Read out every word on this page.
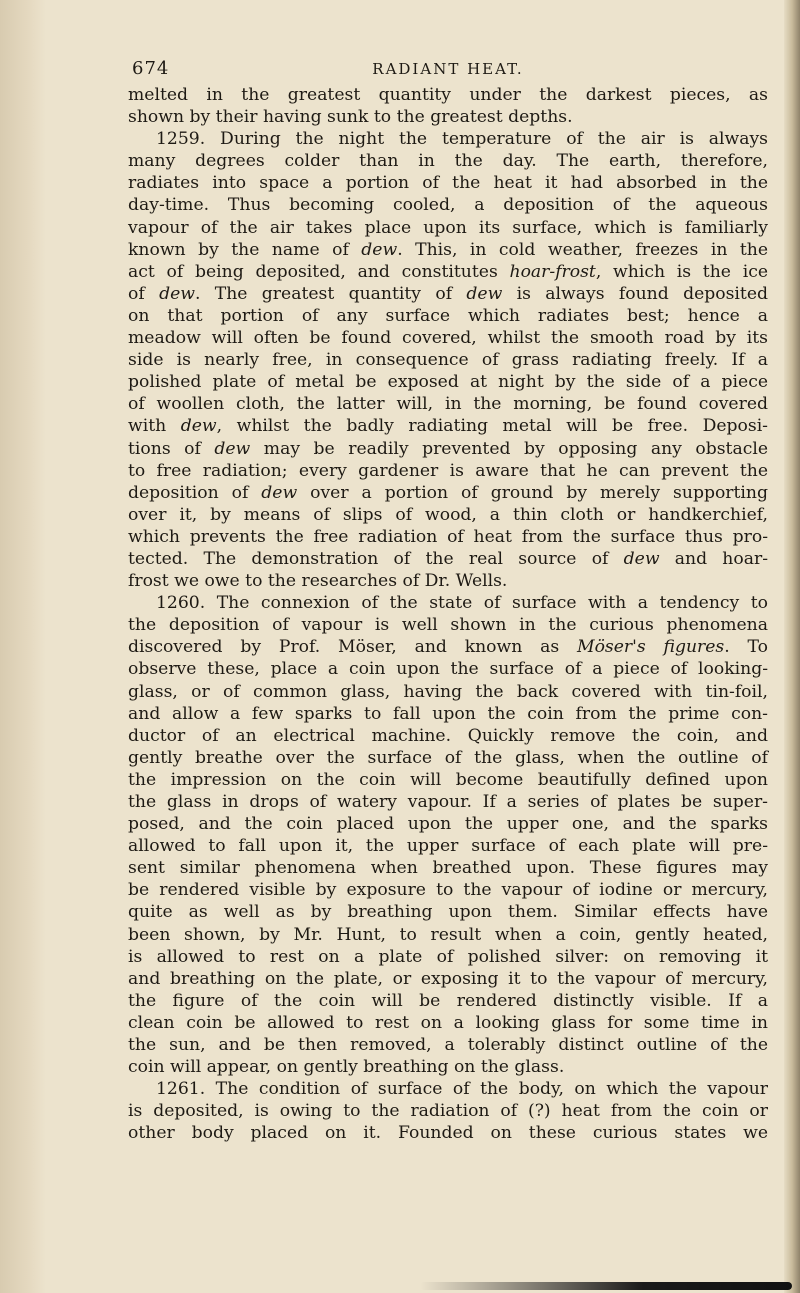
674	RADIANT HEAT.
melted in the greatest quantity under the darkest pieces, as
shown by their having sunk to the greatest depths.
1259. During the night the temperature of the air is always
many degrees colder than in the day. The earth, therefore,
radiates into space a portion of the heat it had absorbed in the
day-time. Thus becoming cooled, a deposition of the aqueous
vapour of the air takes place upon its surface, which is familiarly
known by the name of dew. This, in cold weather, freezes in the
act of being deposited, and constitutes hoar-frost, which is the ice
of dew. The greatest quantity of dew is always found deposited
on that portion of any surface which radiates best; hence a
meadow will often be found covered, whilst the smooth road by its
side is nearly free, in consequence of grass radiating freely. If a
polished plate of metal be exposed at night by the side of a piece
of woollen cloth, the latter will, in the morning, be found covered
with dew, whilst the badly radiating metal will be free. Deposi-
tions of dew may be readily prevented by opposing any obstacle
to free radiation; every gardener is aware that he can prevent the
deposition of dew over a portion of ground by merely supporting
over it, by means of slips of wood, a thin cloth or handkerchief,
which prevents the free radiation of heat from the surface thus pro-
tected. The demonstration of the real source of dew and hoar-
frost we owe to the researches of Dr. Wells.
1260. The connexion of the state of surface with a tendency to
the deposition of vapour is well shown in the curious phenomena
discovered by Prof. Möser, and known as Möser's figures. To
observe these, place a coin upon the surface of a piece of looking-
glass, or of common glass, having the back covered with tin-foil,
and allow a few sparks to fall upon the coin from the prime con-
ductor of an electrical machine. Quickly remove the coin, and
gently breathe over the surface of the glass, when the outline of
the impression on the coin will become beautifully defined upon
the glass in drops of watery vapour. If a series of plates be super-
posed, and the coin placed upon the upper one, and the sparks
allowed to fall upon it, the upper surface of each plate will pre-
sent similar phenomena when breathed upon. These figures may
be rendered visible by exposure to the vapour of iodine or mercury,
quite as well as by breathing upon them. Similar effects have
been shown, by Mr. Hunt, to result when a coin, gently heated,
is allowed to rest on a plate of polished silver: on removing it
and breathing on the plate, or exposing it to the vapour of mercury,
the figure of the coin will be rendered distinctly visible. If a
clean coin be allowed to rest on a looking glass for some time in
the sun, and be then removed, a tolerably distinct outline of the
coin will appear, on gently breathing on the glass.
1261. The condition of surface of the body, on which the vapour
is deposited, is owing to the radiation of (?) heat from the coin or
other body placed on it. Founded on these curious states we
